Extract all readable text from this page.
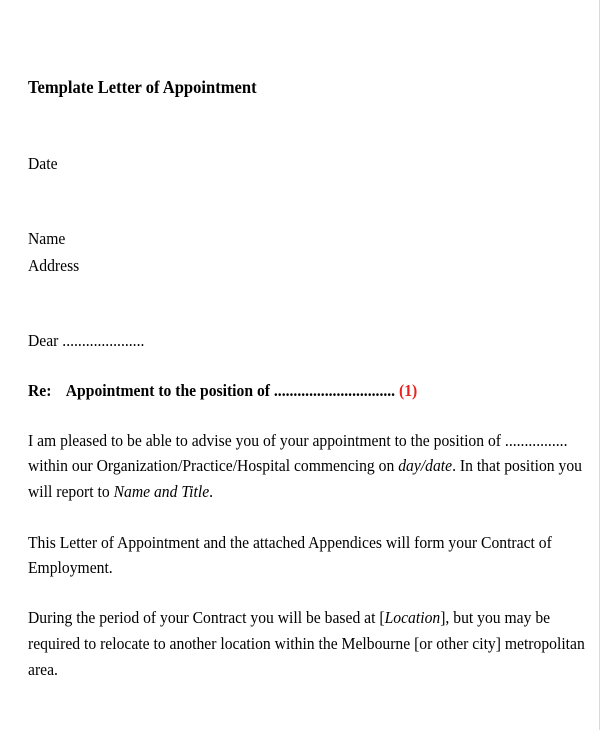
Template Letter of Appointment
Date
Name
Address
Dear .....................
Re: Appointment to the position of ............................... (1)
I am pleased to be able to advise you of your appointment to the position of ................
within our Organization/Practice/Hospital commencing on day/date. In that position you
will report to Name and Title.
This Letter of Appointment and the attached Appendices will form your Contract of
Employment.
During the period of your Contract you will be based at [Location], but you may be
required to relocate to another location within the Melbourne [or other city] metropolitan
area.
